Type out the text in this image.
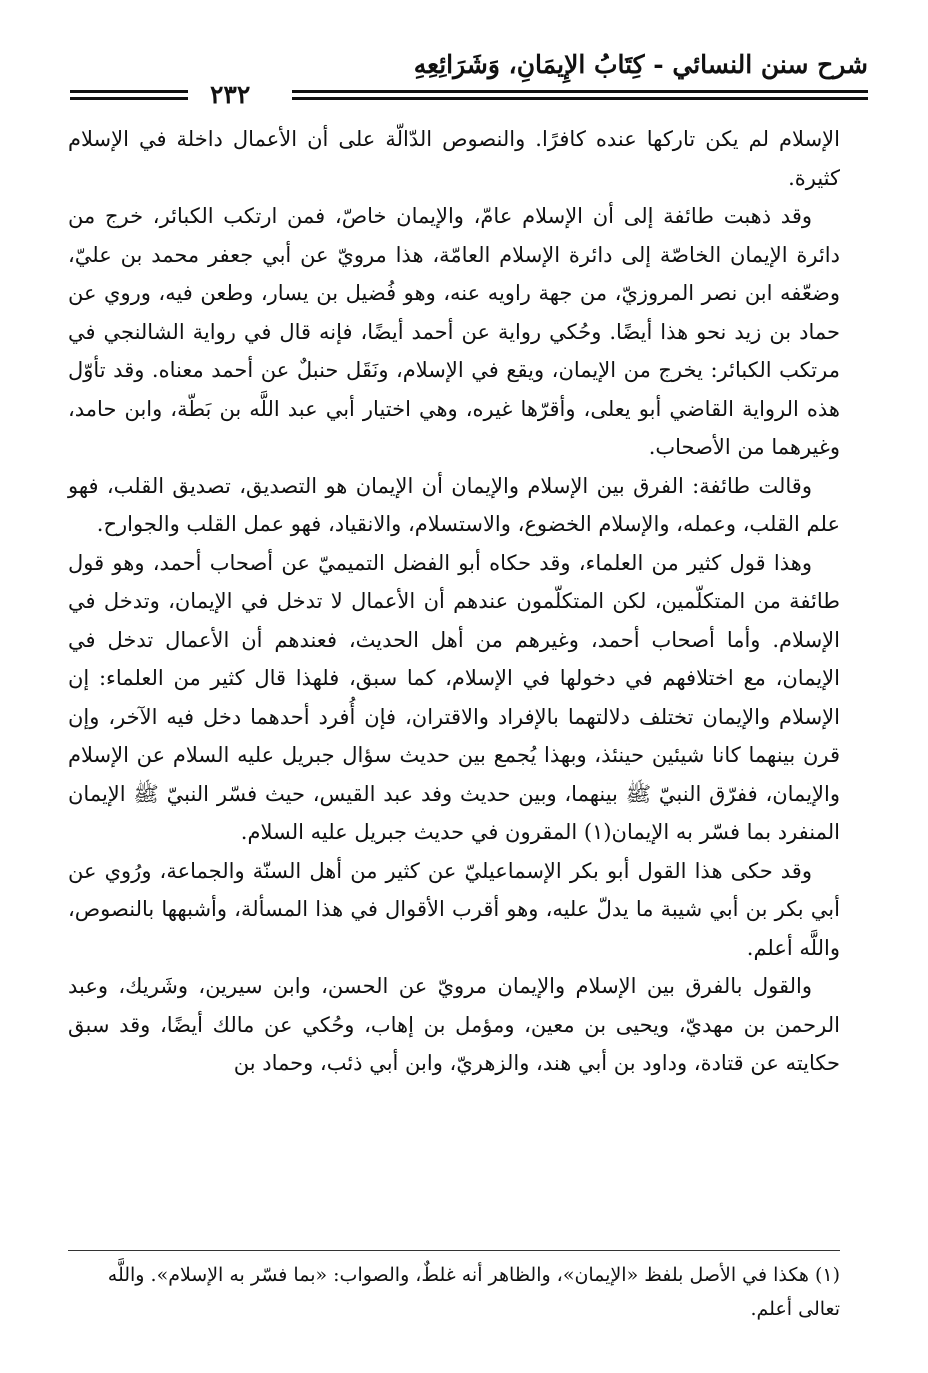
شرح سنن النسائي - كِتَابُ الإِيمَانِ، وَشَرَائِعِهِ
٢٣٢

الإسلام لم يكن تاركها عنده كافرًا. والنصوص الدّالّة على أن الأعمال داخلة في الإسلام كثيرة.

وقد ذهبت طائفة إلى أن الإسلام عامّ، والإيمان خاصّ، فمن ارتكب الكبائر، خرج من دائرة الإيمان الخاصّة إلى دائرة الإسلام العامّة، هذا مرويّ عن أبي جعفر محمد بن عليّ، وضعّفه ابن نصر المروزيّ، من جهة راويه عنه، وهو فُضيل بن يسار، وطعن فيه، وروي عن حماد بن زيد نحو هذا أيضًا. وحُكي رواية عن أحمد أيضًا، فإنه قال في رواية الشالنجي في مرتكب الكبائر: يخرج من الإيمان، ويقع في الإسلام، ونَقَل حنبلٌ عن أحمد معناه. وقد تأوّل هذه الرواية القاضي أبو يعلى، وأقرّها غيره، وهي اختيار أبي عبد اللَّه بن بَطّة، وابن حامد، وغيرهما من الأصحاب.

وقالت طائفة: الفرق بين الإسلام والإيمان أن الإيمان هو التصديق، تصديق القلب، فهو علم القلب، وعمله، والإسلام الخضوع، والاستسلام، والانقياد، فهو عمل القلب والجوارح.

وهذا قول كثير من العلماء، وقد حكاه أبو الفضل التميميّ عن أصحاب أحمد، وهو قول طائفة من المتكلّمين، لكن المتكلّمون عندهم أن الأعمال لا تدخل في الإيمان، وتدخل في الإسلام. وأما أصحاب أحمد، وغيرهم من أهل الحديث، فعندهم أن الأعمال تدخل في الإيمان، مع اختلافهم في دخولها في الإسلام، كما سبق، فلهذا قال كثير من العلماء: إن الإسلام والإيمان تختلف دلالتهما بالإفراد والاقتران، فإن أُفرد أحدهما دخل فيه الآخر، وإن قرن بينهما كانا شيئين حينئذ، وبهذا يُجمع بين حديث سؤال جبريل عليه السلام عن الإسلام والإيمان، ففرّق النبيّ ﷺ بينهما، وبين حديث وفد عبد القيس، حيث فسّر النبيّ ﷺ الإيمان المنفرد بما فسّر به الإيمان(١) المقرون في حديث جبريل عليه السلام.

وقد حكى هذا القول أبو بكر الإسماعيليّ عن كثير من أهل السنّة والجماعة، ورُوي عن أبي بكر بن أبي شيبة ما يدلّ عليه، وهو أقرب الأقوال في هذا المسألة، وأشبهها بالنصوص، واللَّه أعلم.

والقول بالفرق بين الإسلام والإيمان مرويّ عن الحسن، وابن سيرين، وشَريك، وعبد الرحمن بن مهديّ، ويحيى بن معين، ومؤمل بن إهاب، وحُكي عن مالك أيضًا، وقد سبق حكايته عن قتادة، وداود بن أبي هند، والزهريّ، وابن أبي ذئب، وحماد بن

(١) هكذا في الأصل بلفظ «الإيمان»، والظاهر أنه غلطٌ، والصواب: «بما فسّر به الإسلام». واللَّه تعالى أعلم.
